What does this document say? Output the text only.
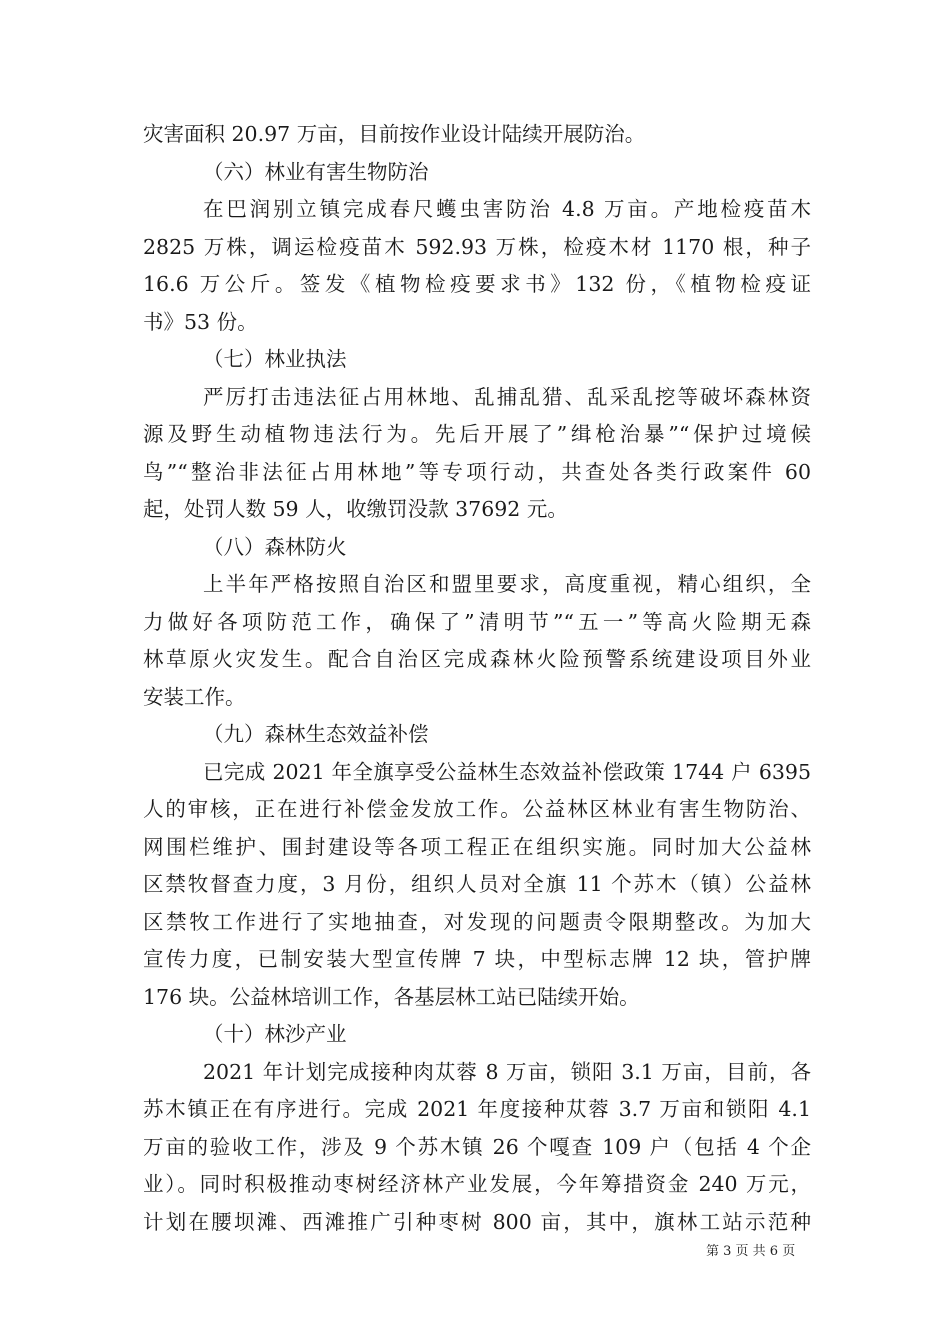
灾害面积 20.97 万亩，目前按作业设计陆续开展防治。

（六）林业有害生物防治

在巴润别立镇完成春尺蠖虫害防治 4.8 万亩。产地检疫苗木

2825 万株，调运检疫苗木 592.93 万株，检疫木材 1170 根，种子

16.6 万公斤。签发《植物检疫要求书》132 份，《植物检疫证

书》53 份。

（七）林业执法

严厉打击违法征占用林地、乱捕乱猎、乱采乱挖等破坏森林资

源及野生动植物违法行为。先后开展了”缉枪治暴”“保护过境候

鸟”“整治非法征占用林地”等专项行动，共查处各类行政案件 60

起，处罚人数 59 人，收缴罚没款 37692 元。

（八）森林防火

上半年严格按照自治区和盟里要求，高度重视，精心组织，全

力做好各项防范工作，确保了”清明节”“五一”等高火险期无森

林草原火灾发生。配合自治区完成森林火险预警系统建设项目外业

安装工作。

（九）森林生态效益补偿

已完成 2021 年全旗享受公益林生态效益补偿政策 1744 户 6395

人的审核，正在进行补偿金发放工作。公益林区林业有害生物防治、

网围栏维护、围封建设等各项工程正在组织实施。同时加大公益林

区禁牧督查力度，3 月份，组织人员对全旗 11 个苏木（镇）公益林

区禁牧工作进行了实地抽查，对发现的问题责令限期整改。为加大

宣传力度，已制安装大型宣传牌 7 块，中型标志牌 12 块，管护牌

176 块。公益林培训工作，各基层林工站已陆续开始。

（十）林沙产业

2021 年计划完成接种肉苁蓉 8 万亩，锁阳 3.1 万亩，目前，各

苏木镇正在有序进行。完成 2021 年度接种苁蓉 3.7 万亩和锁阳 4.1

万亩的验收工作，涉及 9 个苏木镇 26 个嘎查 109 户（包括 4 个企

业）。同时积极推动枣树经济林产业发展，今年筹措资金 240 万元，

计划在腰坝滩、西滩推广引种枣树 800 亩，其中，旗林工站示范种

第 3 页 共 6 页
